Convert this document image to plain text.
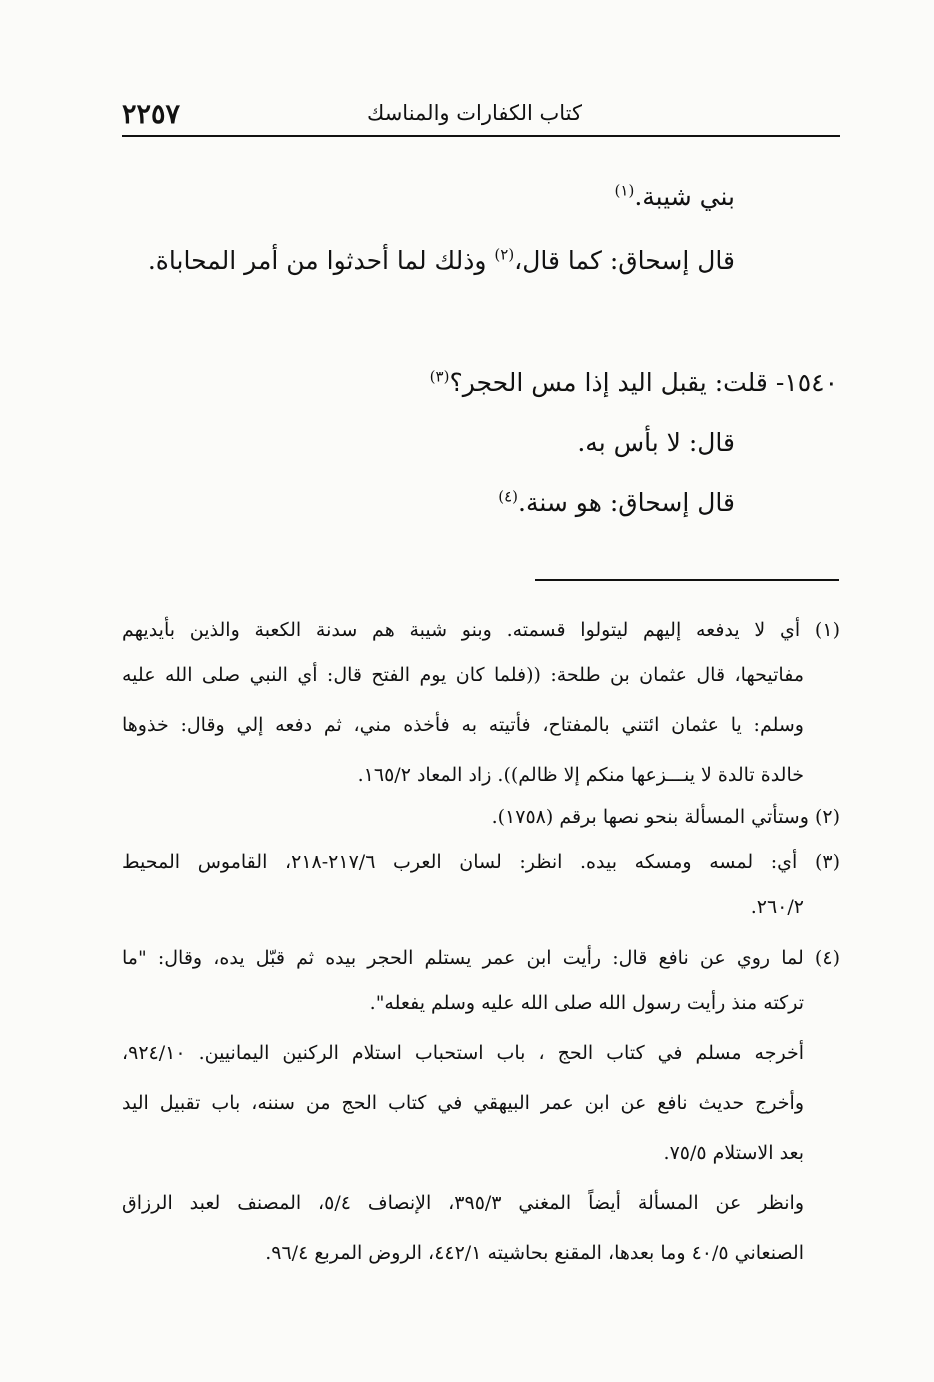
٢٢٥٧	كتاب الكفارات والمناسك
بني شيبة.$^{(١)}$
قال إسحاق: كما قال،$^{(٢)}$ وذلك لما أحدثوا من أمر المحاباة.
١٥٤٠- قلت: يقبل اليد إذا مس الحجر؟$^{(٣)}$
قال: لا بأس به.
قال إسحاق: هو سنة.$^{(٤)}$
(١) أي لا يدفعه إليهم ليتولوا قسمته. وبنو شيبة هم سدنة الكعبة والذين بأيديهم
مفاتيحها، قال عثمان بن طلحة: ((فلما كان يوم الفتح قال: أي النبي صلى الله عليه
وسلم: يا عثمان ائتني بالمفتاح، فأتيته به فأخذه مني، ثم دفعه إلي وقال: خذوها
خالدة تالدة لا ينـــزعها منكم إلا ظالم)). زاد المعاد ١٦٥/٢.
(٢) وستأتي المسألة بنحو نصها برقم (١٧٥٨).
(٣) أي: لمسه ومسكه بيده. انظر: لسان العرب ٢١٧/٦-٢١٨، القاموس المحيط
٢٦٠/٢.
(٤) لما روي عن نافع قال: رأيت ابن عمر يستلم الحجر بيده ثم قبّل يده، وقال: "ما
تركته منذ رأيت رسول الله صلى الله عليه وسلم يفعله".
أخرجه مسلم في كتاب الحج ، باب استحباب استلام الركنين اليمانيين. ٩٢٤/١٠،
وأخرج حديث نافع عن ابن عمر البيهقي في كتاب الحج من سننه، باب تقبيل اليد
بعد الاستلام ٧٥/٥.
وانظر عن المسألة أيضاً المغني ٣٩٥/٣، الإنصاف ٥/٤، المصنف لعبد الرزاق
الصنعاني ٤٠/٥ وما بعدها، المقنع بحاشيته ٤٤٢/١، الروض المربع ٩٦/٤.
